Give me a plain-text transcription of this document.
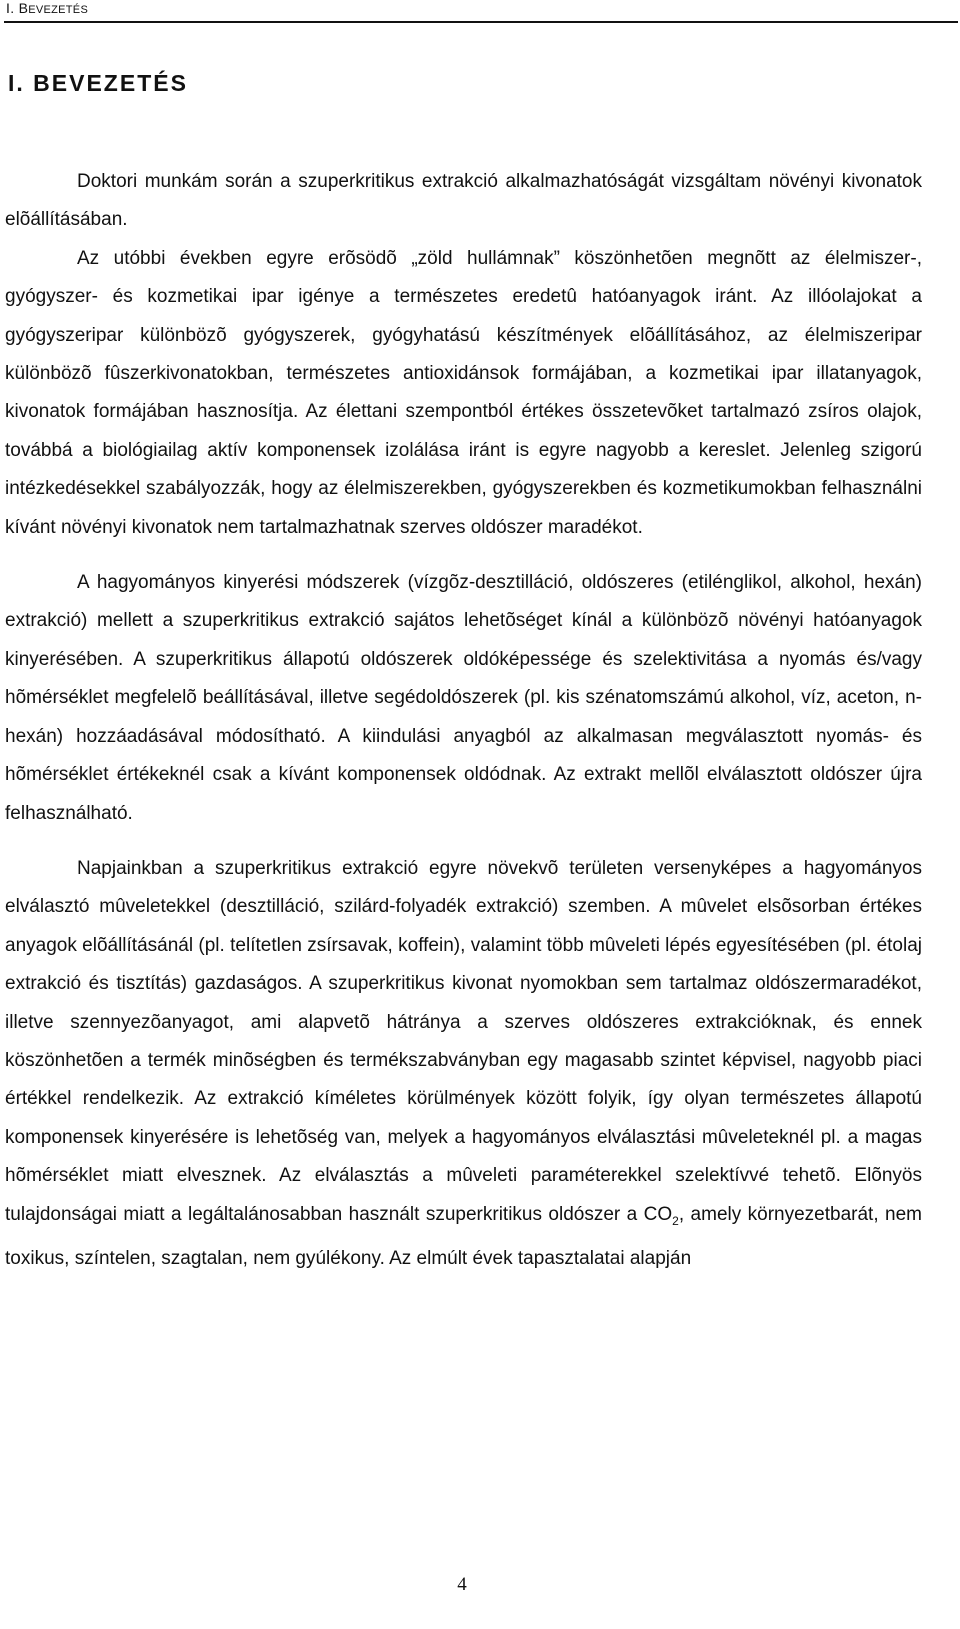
I. BEVEZETÉS
I. BEVEZETÉS

Doktori munkám során a szuperkritikus extrakció alkalmazhatóságát vizsgáltam növényi kivonatok elõállításában.

Az utóbbi években egyre erõsödõ „zöld hullámnak” köszönhetõen megnõtt az élelmiszer-, gyógyszer- és kozmetikai ipar igénye a természetes eredetû hatóanyagok iránt. Az illóolajokat a gyógyszeripar különbözõ gyógyszerek, gyógyhatású készítmények elõállításához, az élelmiszeripar különbözõ fûszerkivonatokban, természetes antioxidánsok formájában, a kozmetikai ipar illatanyagok, kivonatok formájában hasznosítja. Az élettani szempontból értékes összetevõket tartalmazó zsíros olajok, továbbá a biológiailag aktív komponensek izolálása iránt is egyre nagyobb a kereslet. Jelenleg szigorú intézkedésekkel szabályozzák, hogy az élelmiszerekben, gyógyszerekben és kozmetikumokban felhasználni kívánt növényi kivonatok nem tartalmazhatnak szerves oldószer maradékot.

A hagyományos kinyerési módszerek (vízgõz-desztilláció, oldószeres (etilénglikol, alkohol, hexán) extrakció) mellett a szuperkritikus extrakció sajátos lehetõséget kínál a különbözõ növényi hatóanyagok kinyerésében. A szuperkritikus állapotú oldószerek oldóképessége és szelektivitása a nyomás és/vagy hõmérséklet megfelelõ beállításával, illetve segédoldószerek (pl. kis szénatomszámú alkohol, víz, aceton, n-hexán) hozzáadásával módosítható. A kiindulási anyagból az alkalmasan megválasztott nyomás- és hõmérséklet értékeknél csak a kívánt komponensek oldódnak. Az extrakt mellõl elválasztott oldószer újra felhasználható.

Napjainkban a szuperkritikus extrakció egyre növekvõ területen versenyképes a hagyományos elválasztó mûveletekkel (desztilláció, szilárd-folyadék extrakció) szemben. A mûvelet elsõsorban értékes anyagok elõállításánál (pl. telítetlen zsírsavak, koffein), valamint több mûveleti lépés egyesítésében (pl. étolaj extrakció és tisztítás) gazdaságos. A szuperkritikus kivonat nyomokban sem tartalmaz oldószermaradékot, illetve szennyezõanyagot, ami alapvetõ hátránya a szerves oldószeres extrakcióknak, és ennek köszönhetõen a termék minõségben és termékszabványban egy magasabb szintet képvisel, nagyobb piaci értékkel rendelkezik. Az extrakció kíméletes körülmények között folyik, így olyan természetes állapotú komponensek kinyerésére is lehetõség van, melyek a hagyományos elválasztási mûveleteknél pl. a magas hõmérséklet miatt elvesznek. Az elválasztás a mûveleti paraméterekkel szelektívvé tehetõ. Elõnyös tulajdonságai miatt a legáltalánosabban használt szuperkritikus oldószer a $CO_2$, amely környezetbarát, nem toxikus, színtelen, szagtalan, nem gyúlékony. Az elmúlt évek tapasztalatai alapján

4
